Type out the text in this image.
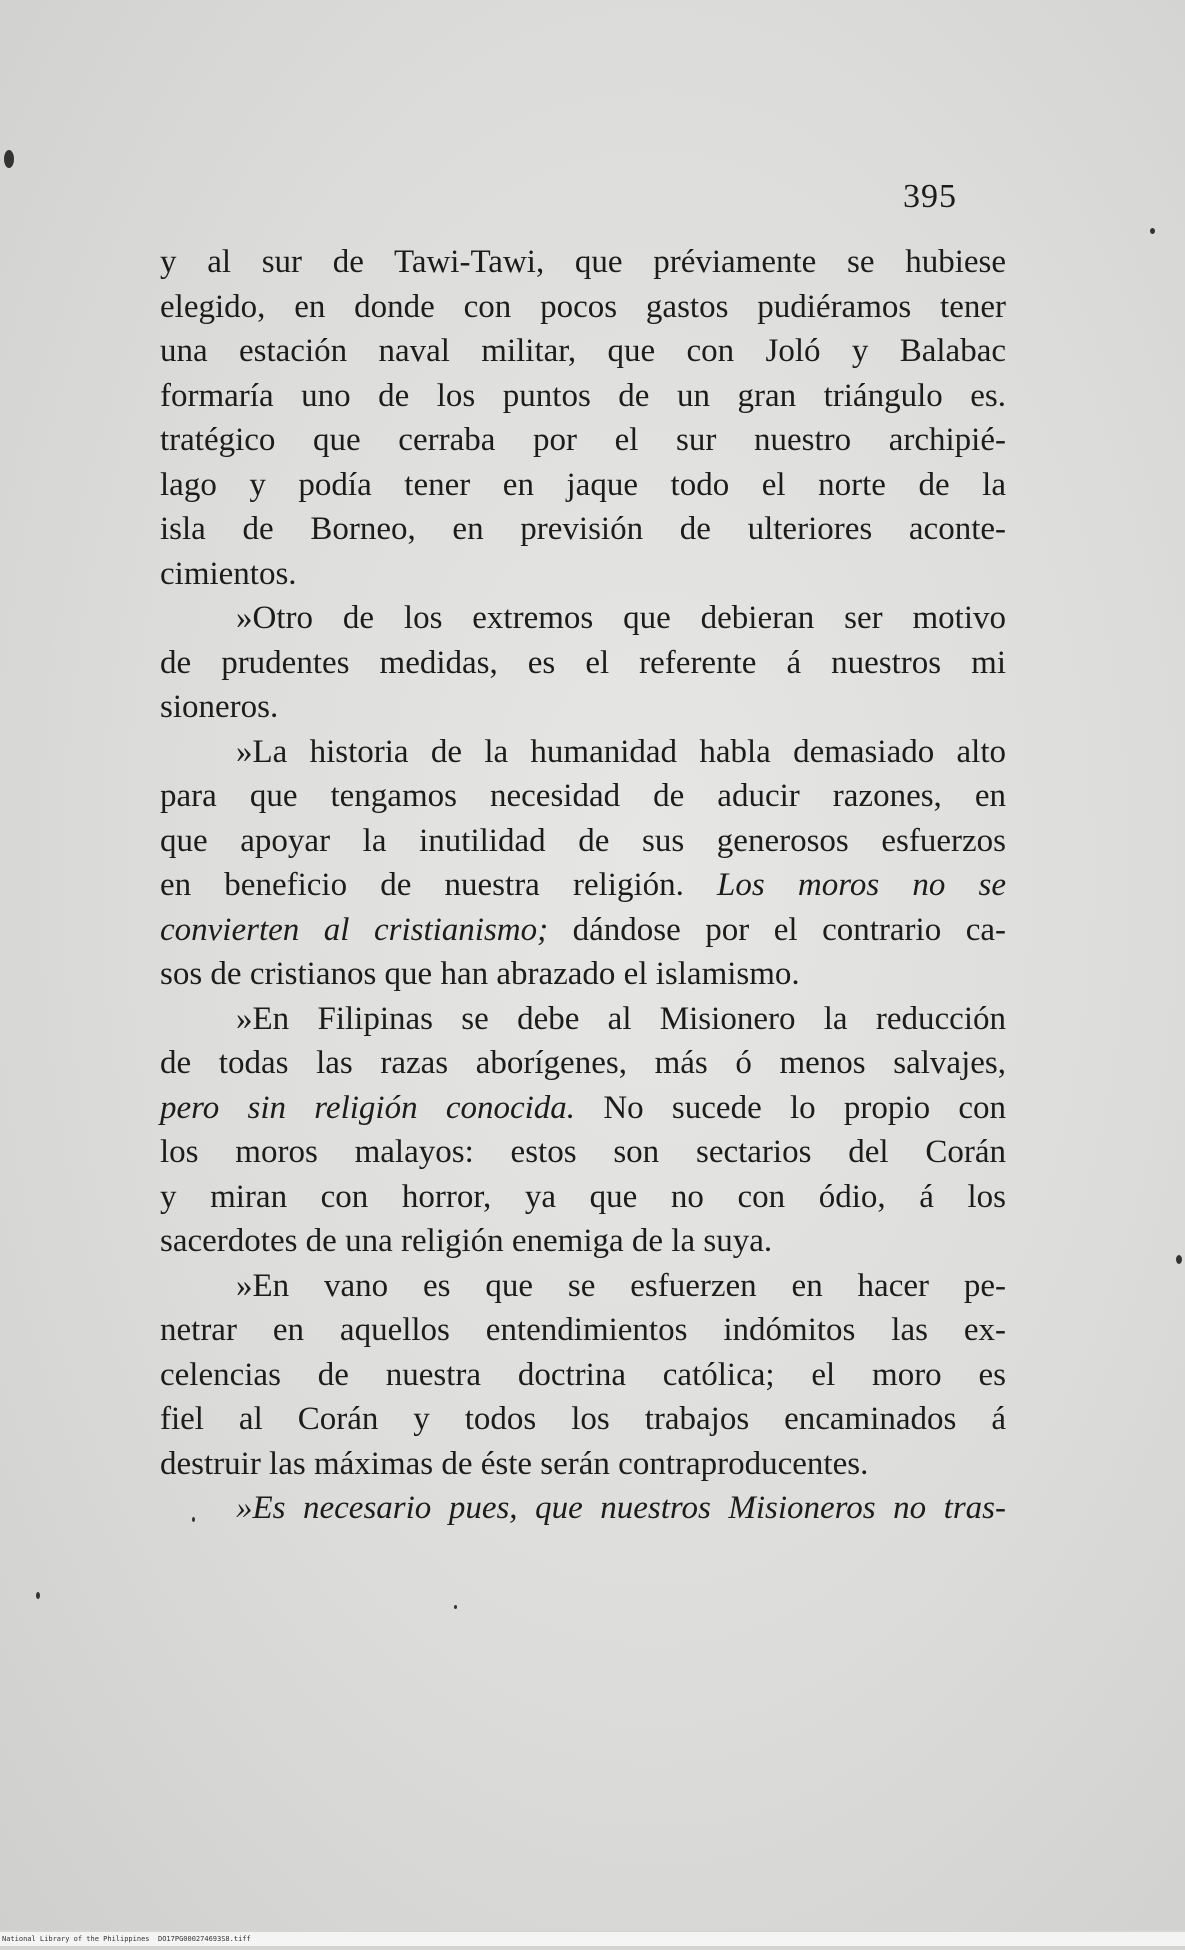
395
y al sur de Tawi-Tawi, que préviamente se hubiese
elegido, en donde con pocos gastos pudiéramos tener
una estación naval militar, que con Joló y Balabac
formaría uno de los puntos de un gran triángulo es.
tratégico que cerraba por el sur nuestro archipié-
lago y podía tener en jaque todo el norte de la
isla de Borneo, en previsión de ulteriores aconte-
cimientos.
»Otro de los extremos que debieran ser motivo
de prudentes medidas, es el referente á nuestros mi
sioneros.
»La historia de la humanidad habla demasiado alto
para que tengamos necesidad de aducir razones, en
que apoyar la inutilidad de sus generosos esfuerzos
en beneficio de nuestra religión. Los moros no se
convierten al cristianismo; dándose por el contrario ca-
sos de cristianos que han abrazado el islamismo.
»En Filipinas se debe al Misionero la reducción
de todas las razas aborígenes, más ó menos salvajes,
pero sin religión conocida. No sucede lo propio con
los moros malayos: estos son sectarios del Corán
y miran con horror, ya que no con ódio, á los
sacerdotes de una religión enemiga de la suya.
»En vano es que se esfuerzen en hacer pe-
netrar en aquellos entendimientos indómitos las ex-
celencias de nuestra doctrina católica; el moro es
fiel al Corán y todos los trabajos encaminados á
destruir las máximas de éste serán contraproducentes.
»Es necesario pues, que nuestros Misioneros no tras-
National Library of the Philippines DO17PG000274693S8.tiff
